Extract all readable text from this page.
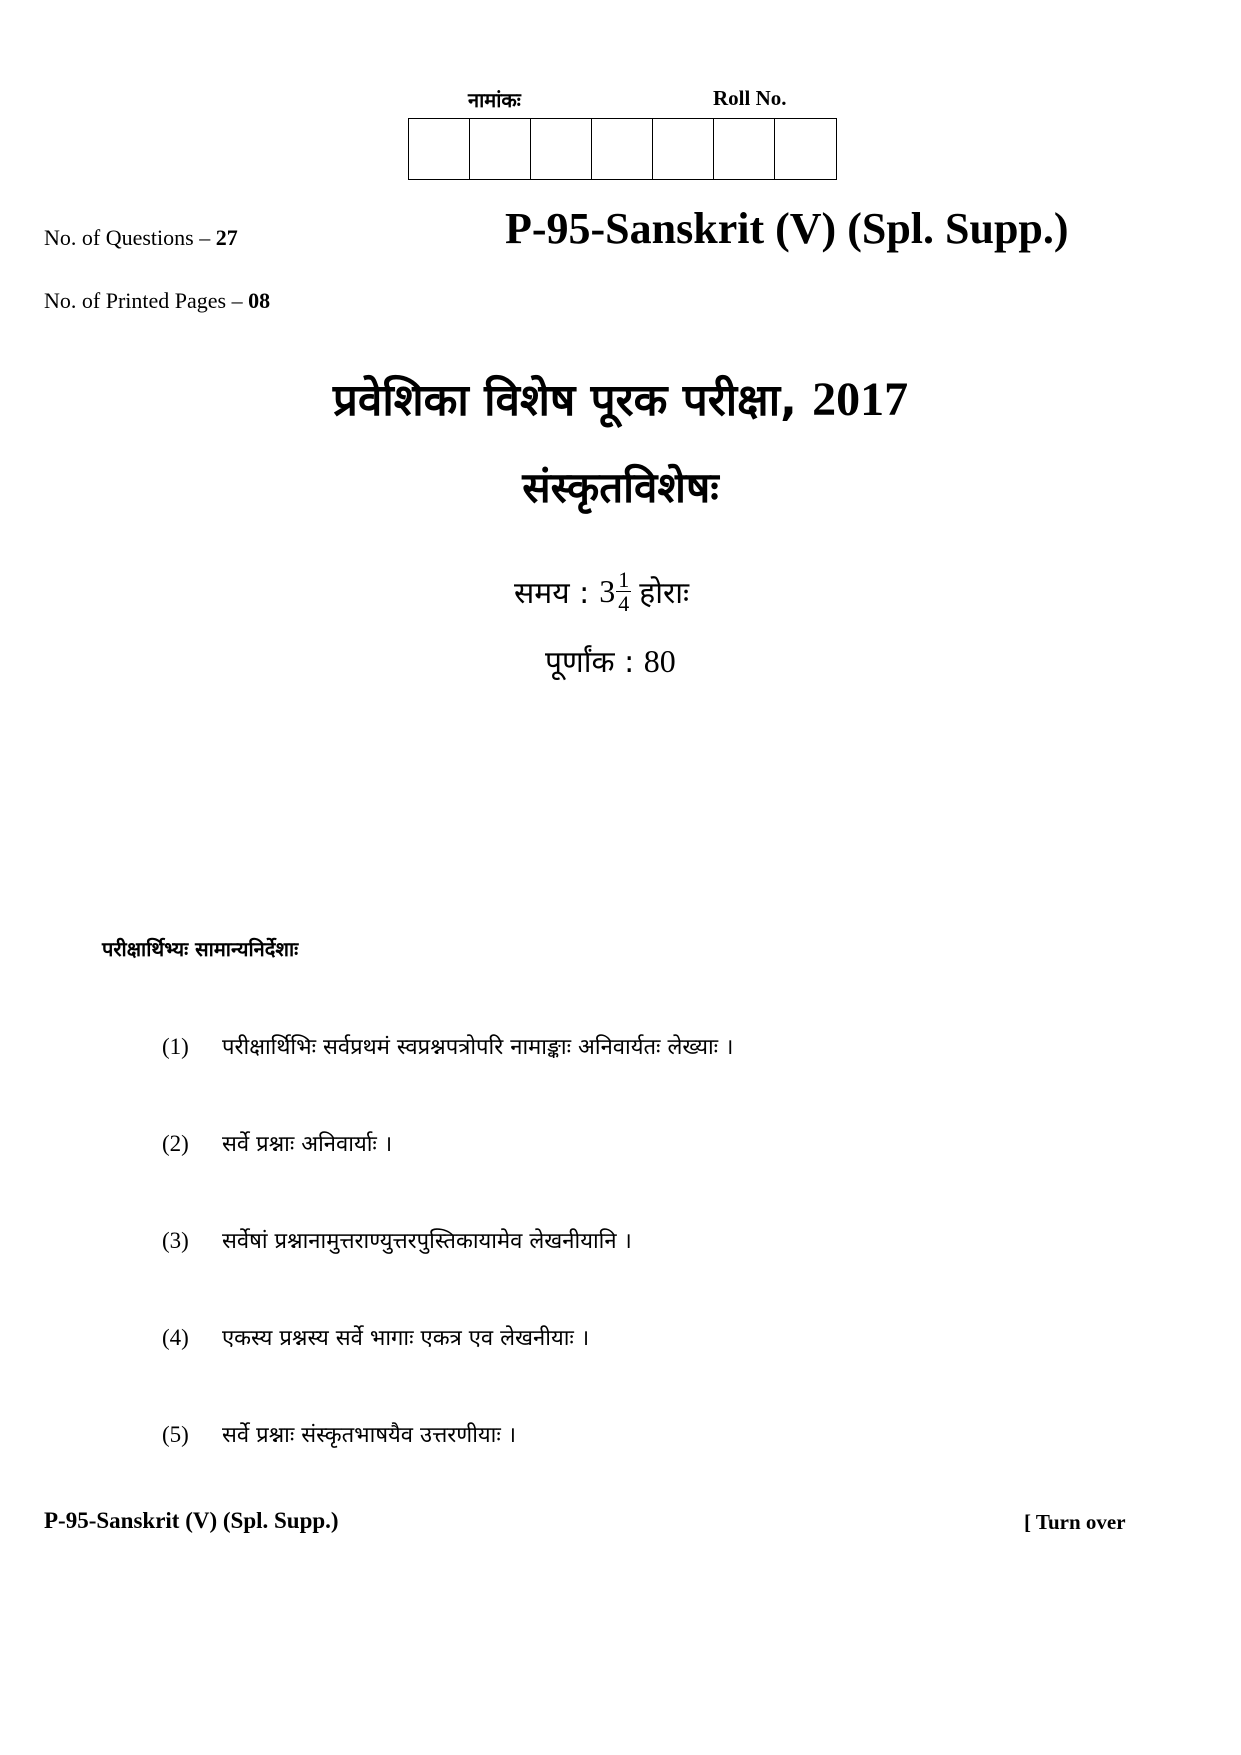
नामांकः	Roll No.
No. of Questions – 27
No. of Printed Pages – 08
P-95-Sanskrit (V) (Spl. Supp.)
प्रवेशिका विशेष पूरक परीक्षा, 2017
संस्कृतविशेषः
समय : $3 \frac{1}{4}$ होराः
पूर्णांक : 80
परीक्षार्थिभ्यः सामान्यनिर्देशाः
(1) परीक्षार्थिभिः सर्वप्रथमं स्वप्रश्नपत्रोपरि नामाङ्काः अनिवार्यतः लेख्याः ।
(2) सर्वे प्रश्नाः अनिवार्याः ।
(3) सर्वेषां प्रश्नानामुत्तराण्युत्तरपुस्तिकायामेव लेखनीयानि ।
(4) एकस्य प्रश्नस्य सर्वे भागाः एकत्र एव लेखनीयाः ।
(5) सर्वे प्रश्नाः संस्कृतभाषयैव उत्तरणीयाः ।
P-95-Sanskrit (V) (Spl. Supp.)	[ Turn over
